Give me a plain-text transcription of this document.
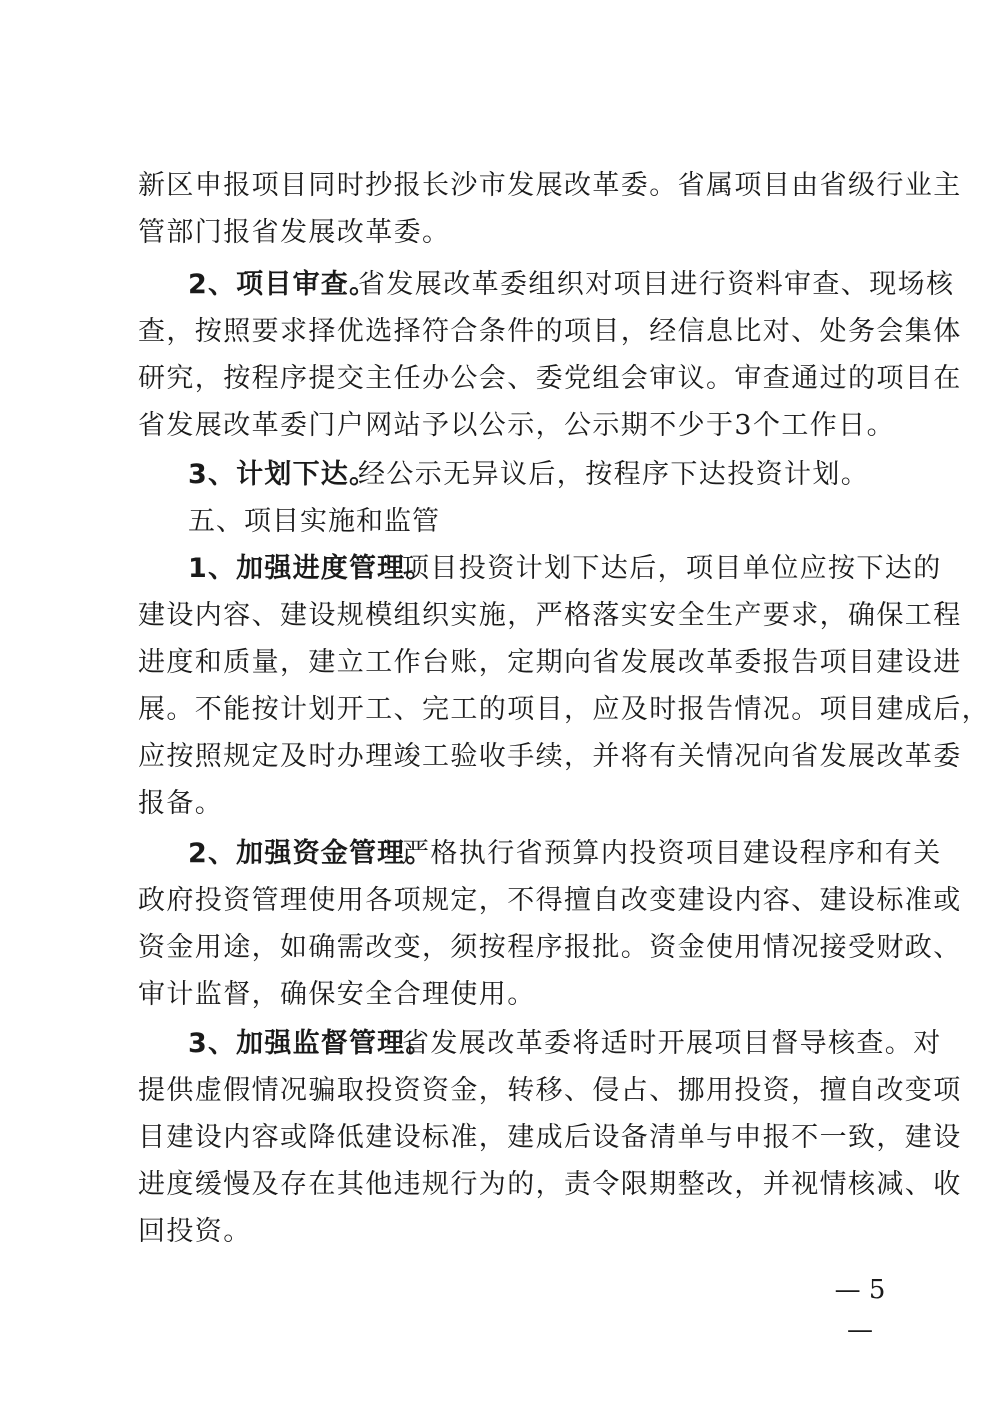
新区申报项目同时抄报长沙市发展改革委。省属项目由省级行业主
管部门报省发展改革委。
2、项目审查。
省发展改革委组织对项目进行资料审查、现场核
查，按照要求择优选择符合条件的项目，经信息比对、处务会集体
研究，按程序提交主任办公会、委党组会审议。审查通过的项目在
省发展改革委门户网站予以公示，公示期不少于3个工作日。
3、计划下达。
经公示无异议后，按程序下达投资计划。
五、项目实施和监管
1、加强进度管理。
项目投资计划下达后，项目单位应按下达的
建设内容、建设规模组织实施，严格落实安全生产要求，确保工程
进度和质量，建立工作台账，定期向省发展改革委报告项目建设进
展。不能按计划开工、完工的项目，应及时报告情况。项目建成后，
应按照规定及时办理竣工验收手续，并将有关情况向省发展改革委
报备。
2、加强资金管理。
严格执行省预算内投资项目建设程序和有关
政府投资管理使用各项规定，不得擅自改变建设内容、建设标准或
资金用途，如确需改变，须按程序报批。资金使用情况接受财政、
审计监督，确保安全合理使用。
3、加强监督管理。
省发展改革委将适时开展项目督导核查。对
提供虚假情况骗取投资资金，转移、侵占、挪用投资，擅自改变项
目建设内容或降低建设标准，建成后设备清单与申报不一致，建设
进度缓慢及存在其他违规行为的，责令限期整改，并视情核减、收
回投资。
— 5 —
